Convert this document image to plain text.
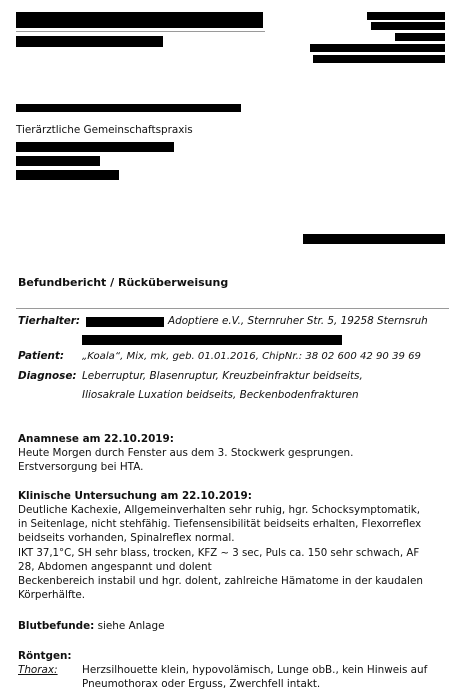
Tierärztliche Gemeinschaftspraxis
Befundbericht / Rücküberweisung
Tierhalter:	Adoptiere e.V., Sternruher Str. 5, 19258 Sternsruh
Patient: „Koala“, Mix, mk, geb. 01.01.2016, ChipNr.: 38 02 600 42 90 39 69
Diagnose: Leberruptur, Blasenruptur, Kreuzbeinfraktur beidseits,
Iliosakrale Luxation beidseits, Beckenbodenfrakturen
Anamnese am 22.10.2019:
Heute Morgen durch Fenster aus dem 3. Stockwerk gesprungen.
Erstversorgung bei HTA.
Klinische Untersuchung am 22.10.2019:
Deutliche Kachexie, Allgemeinverhalten sehr ruhig, hgr. Schocksymptomatik,
in Seitenlage, nicht stehfähig. Tiefensensibilität beidseits erhalten, Flexorreflex
beidseits vorhanden, Spinalreflex normal.
IKT 37,1°C, SH sehr blass, trocken, KFZ ~ 3 sec, Puls ca. 150 sehr schwach, AF
28, Abdomen angespannt und dolent
Beckenbereich instabil und hgr. dolent, zahlreiche Hämatome in der kaudalen
Körperhälfte.
Blutbefunde: siehe Anlage
Röntgen:
Thorax: Herzsilhouette klein, hypovolämisch, Lunge obB., kein Hinweis auf
Pneumothorax oder Erguss, Zwerchfell intakt.
